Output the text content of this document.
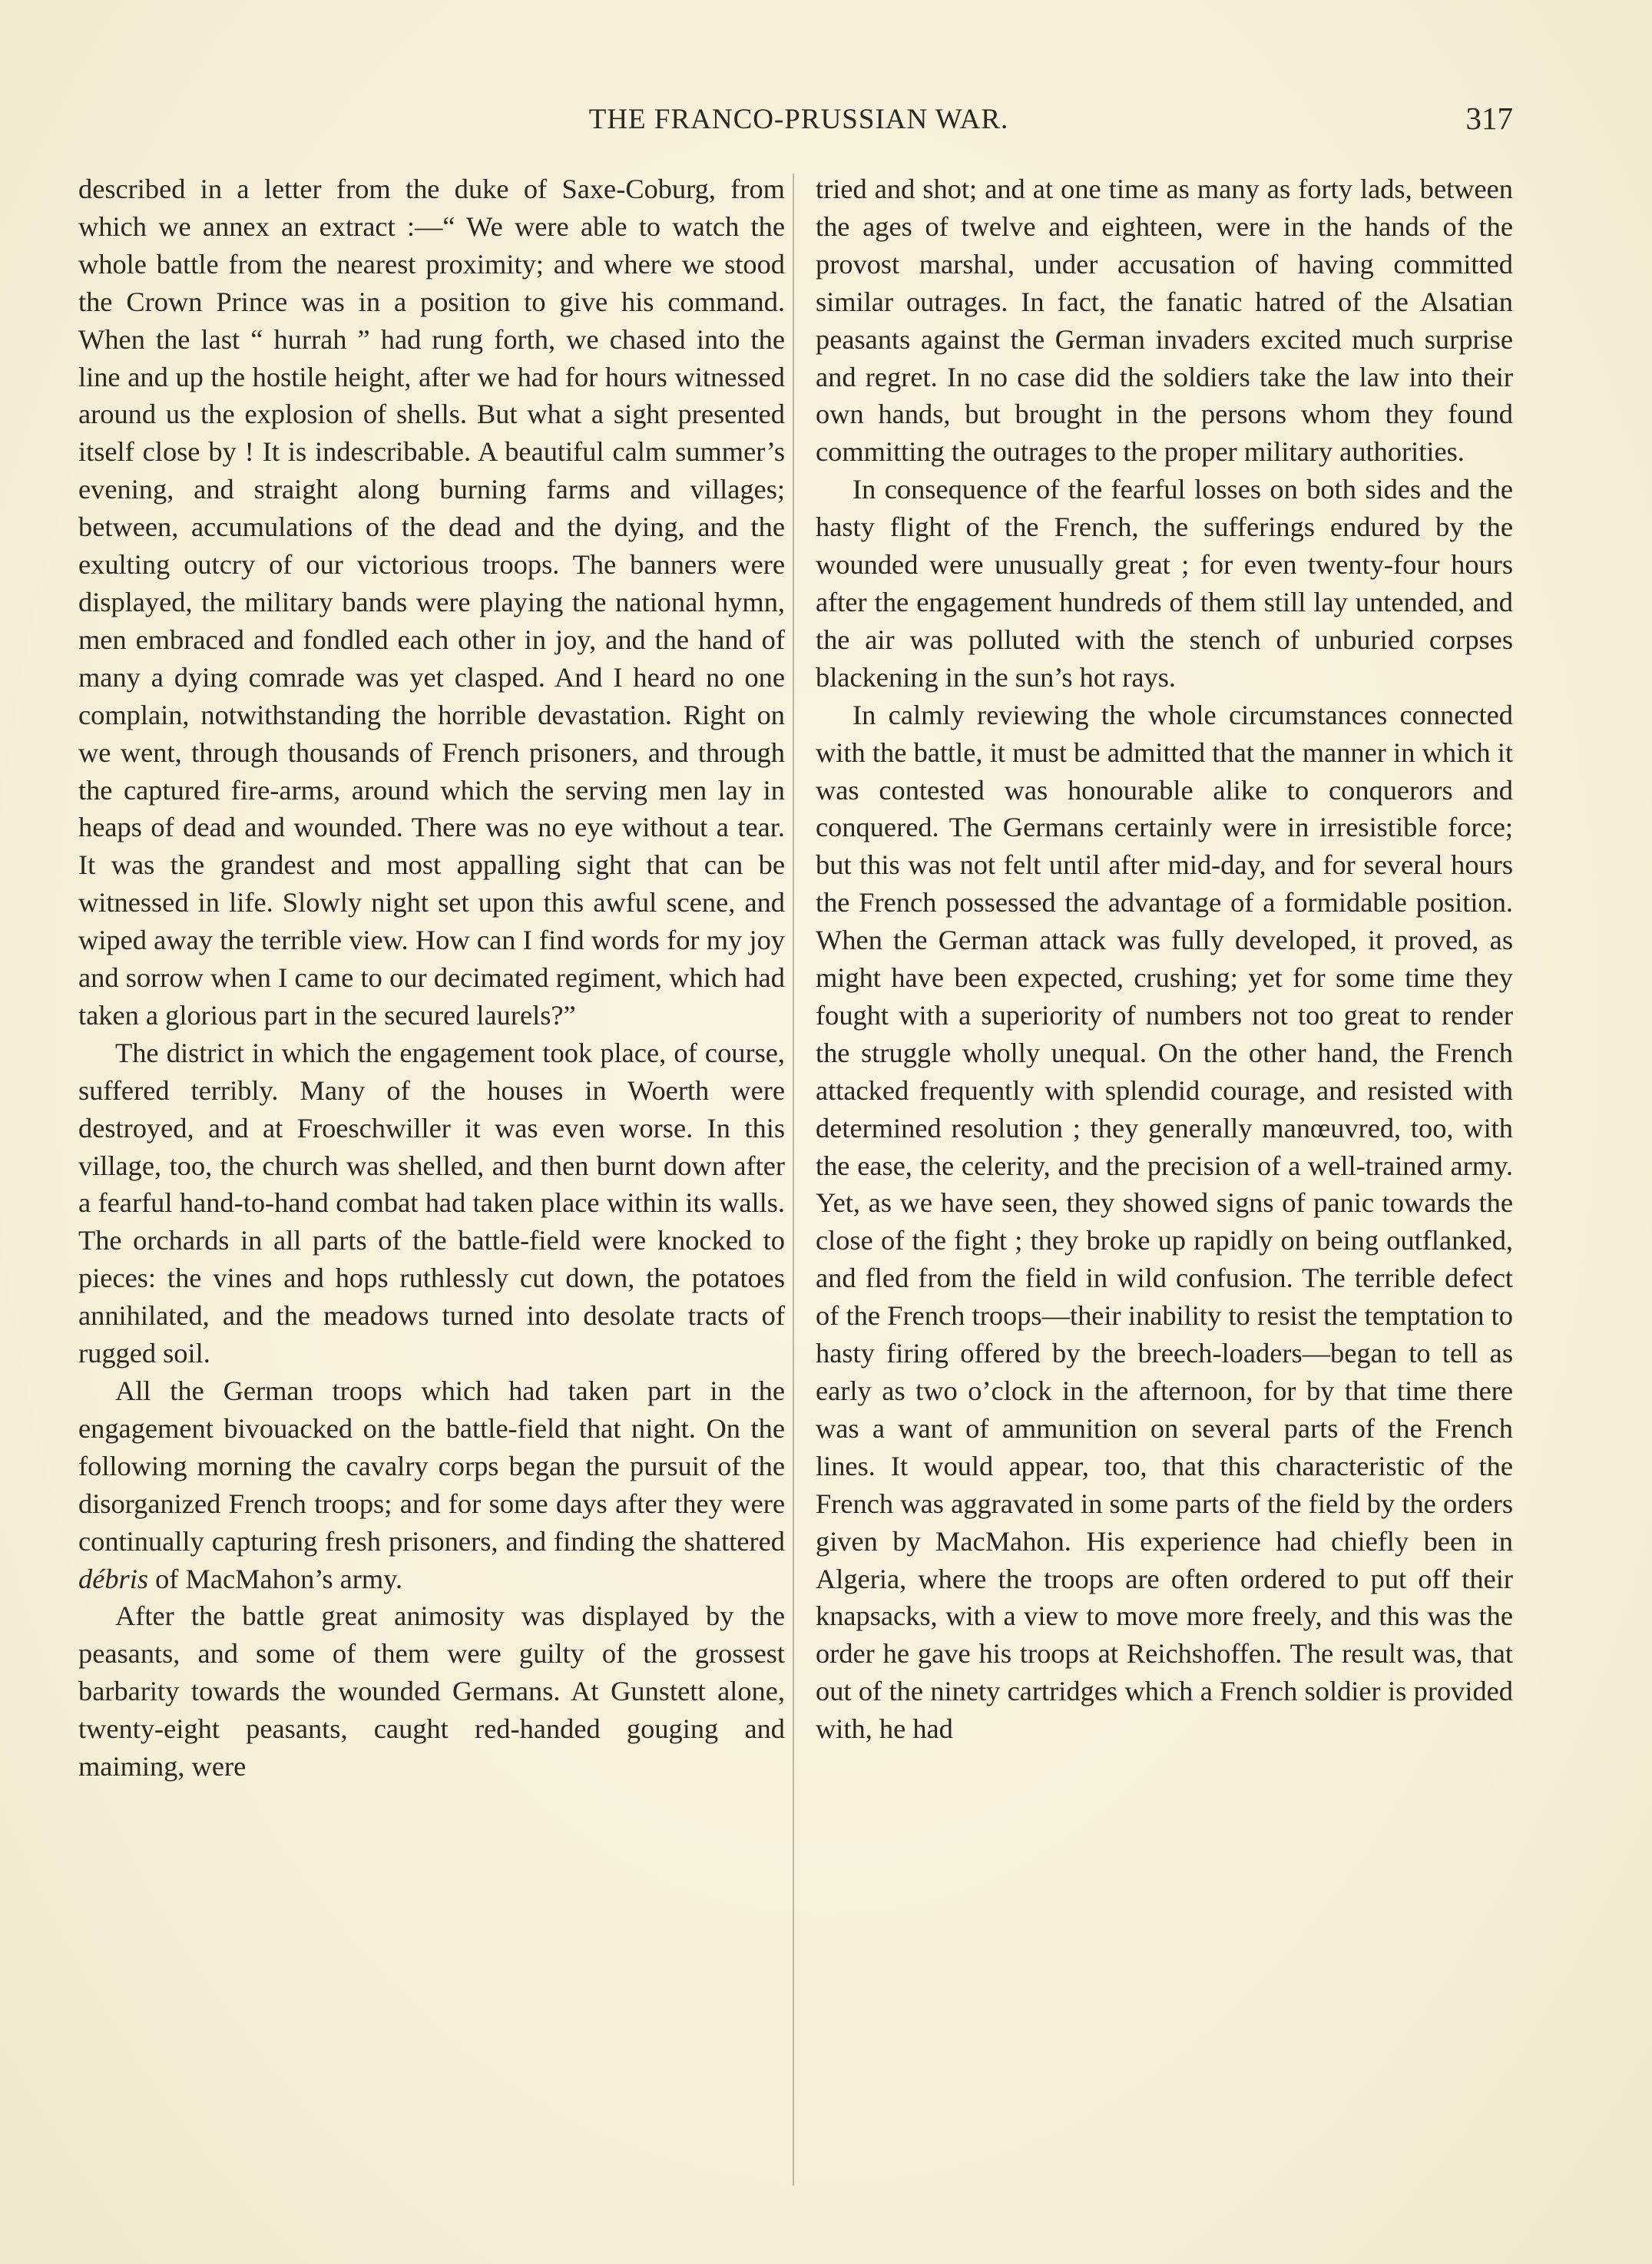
THE FRANCO-PRUSSIAN WAR.	317

described in a letter from the duke of Saxe-Coburg, from which we annex an extract :—“ We were able to watch the whole battle from the nearest proximity; and where we stood the Crown Prince was in a position to give his command. When the last “ hurrah ” had rung forth, we chased into the line and up the hostile height, after we had for hours witnessed around us the explosion of shells. But what a sight presented itself close by ! It is indescribable. A beautiful calm summer’s evening, and straight along burning farms and villages; between, accumulations of the dead and the dying, and the exulting outcry of our victorious troops. The banners were displayed, the military bands were playing the national hymn, men embraced and fondled each other in joy, and the hand of many a dying comrade was yet clasped. And I heard no one complain, notwithstanding the horrible devastation. Right on we went, through thousands of French prisoners, and through the captured fire-arms, around which the serving men lay in heaps of dead and wounded. There was no eye without a tear. It was the grandest and most appalling sight that can be witnessed in life. Slowly night set upon this awful scene, and wiped away the terrible view. How can I find words for my joy and sorrow when I came to our decimated regiment, which had taken a glorious part in the secured laurels?”

The district in which the engagement took place, of course, suffered terribly. Many of the houses in Woerth were destroyed, and at Froeschwiller it was even worse. In this village, too, the church was shelled, and then burnt down after a fearful hand-to-hand combat had taken place within its walls. The orchards in all parts of the battle-field were knocked to pieces: the vines and hops ruthlessly cut down, the potatoes annihilated, and the meadows turned into desolate tracts of rugged soil.

All the German troops which had taken part in the engagement bivouacked on the battle-field that night. On the following morning the cavalry corps began the pursuit of the disorganized French troops; and for some days after they were continually capturing fresh prisoners, and finding the shattered débris of MacMahon’s army.

After the battle great animosity was displayed by the peasants, and some of them were guilty of the grossest barbarity towards the wounded Germans. At Gunstett alone, twenty-eight peasants, caught red-handed gouging and maiming, were

tried and shot; and at one time as many as forty lads, between the ages of twelve and eighteen, were in the hands of the provost marshal, under accusation of having committed similar outrages. In fact, the fanatic hatred of the Alsatian peasants against the German invaders excited much surprise and regret. In no case did the soldiers take the law into their own hands, but brought in the persons whom they found committing the outrages to the proper military authorities.

In consequence of the fearful losses on both sides and the hasty flight of the French, the sufferings endured by the wounded were unusually great ; for even twenty-four hours after the engagement hundreds of them still lay untended, and the air was polluted with the stench of unburied corpses blackening in the sun’s hot rays.

In calmly reviewing the whole circumstances connected with the battle, it must be admitted that the manner in which it was contested was honourable alike to conquerors and conquered. The Germans certainly were in irresistible force; but this was not felt until after mid-day, and for several hours the French possessed the advantage of a formidable position. When the German attack was fully developed, it proved, as might have been expected, crushing; yet for some time they fought with a superiority of numbers not too great to render the struggle wholly unequal. On the other hand, the French attacked frequently with splendid courage, and resisted with determined resolution ; they generally manœuvred, too, with the ease, the celerity, and the precision of a well-trained army. Yet, as we have seen, they showed signs of panic towards the close of the fight ; they broke up rapidly on being outflanked, and fled from the field in wild confusion. The terrible defect of the French troops—their inability to resist the temptation to hasty firing offered by the breech-loaders—began to tell as early as two o’clock in the afternoon, for by that time there was a want of ammunition on several parts of the French lines. It would appear, too, that this characteristic of the French was aggravated in some parts of the field by the orders given by MacMahon. His experience had chiefly been in Algeria, where the troops are often ordered to put off their knapsacks, with a view to move more freely, and this was the order he gave his troops at Reichshoffen. The result was, that out of the ninety cartridges which a French soldier is provided with, he had
